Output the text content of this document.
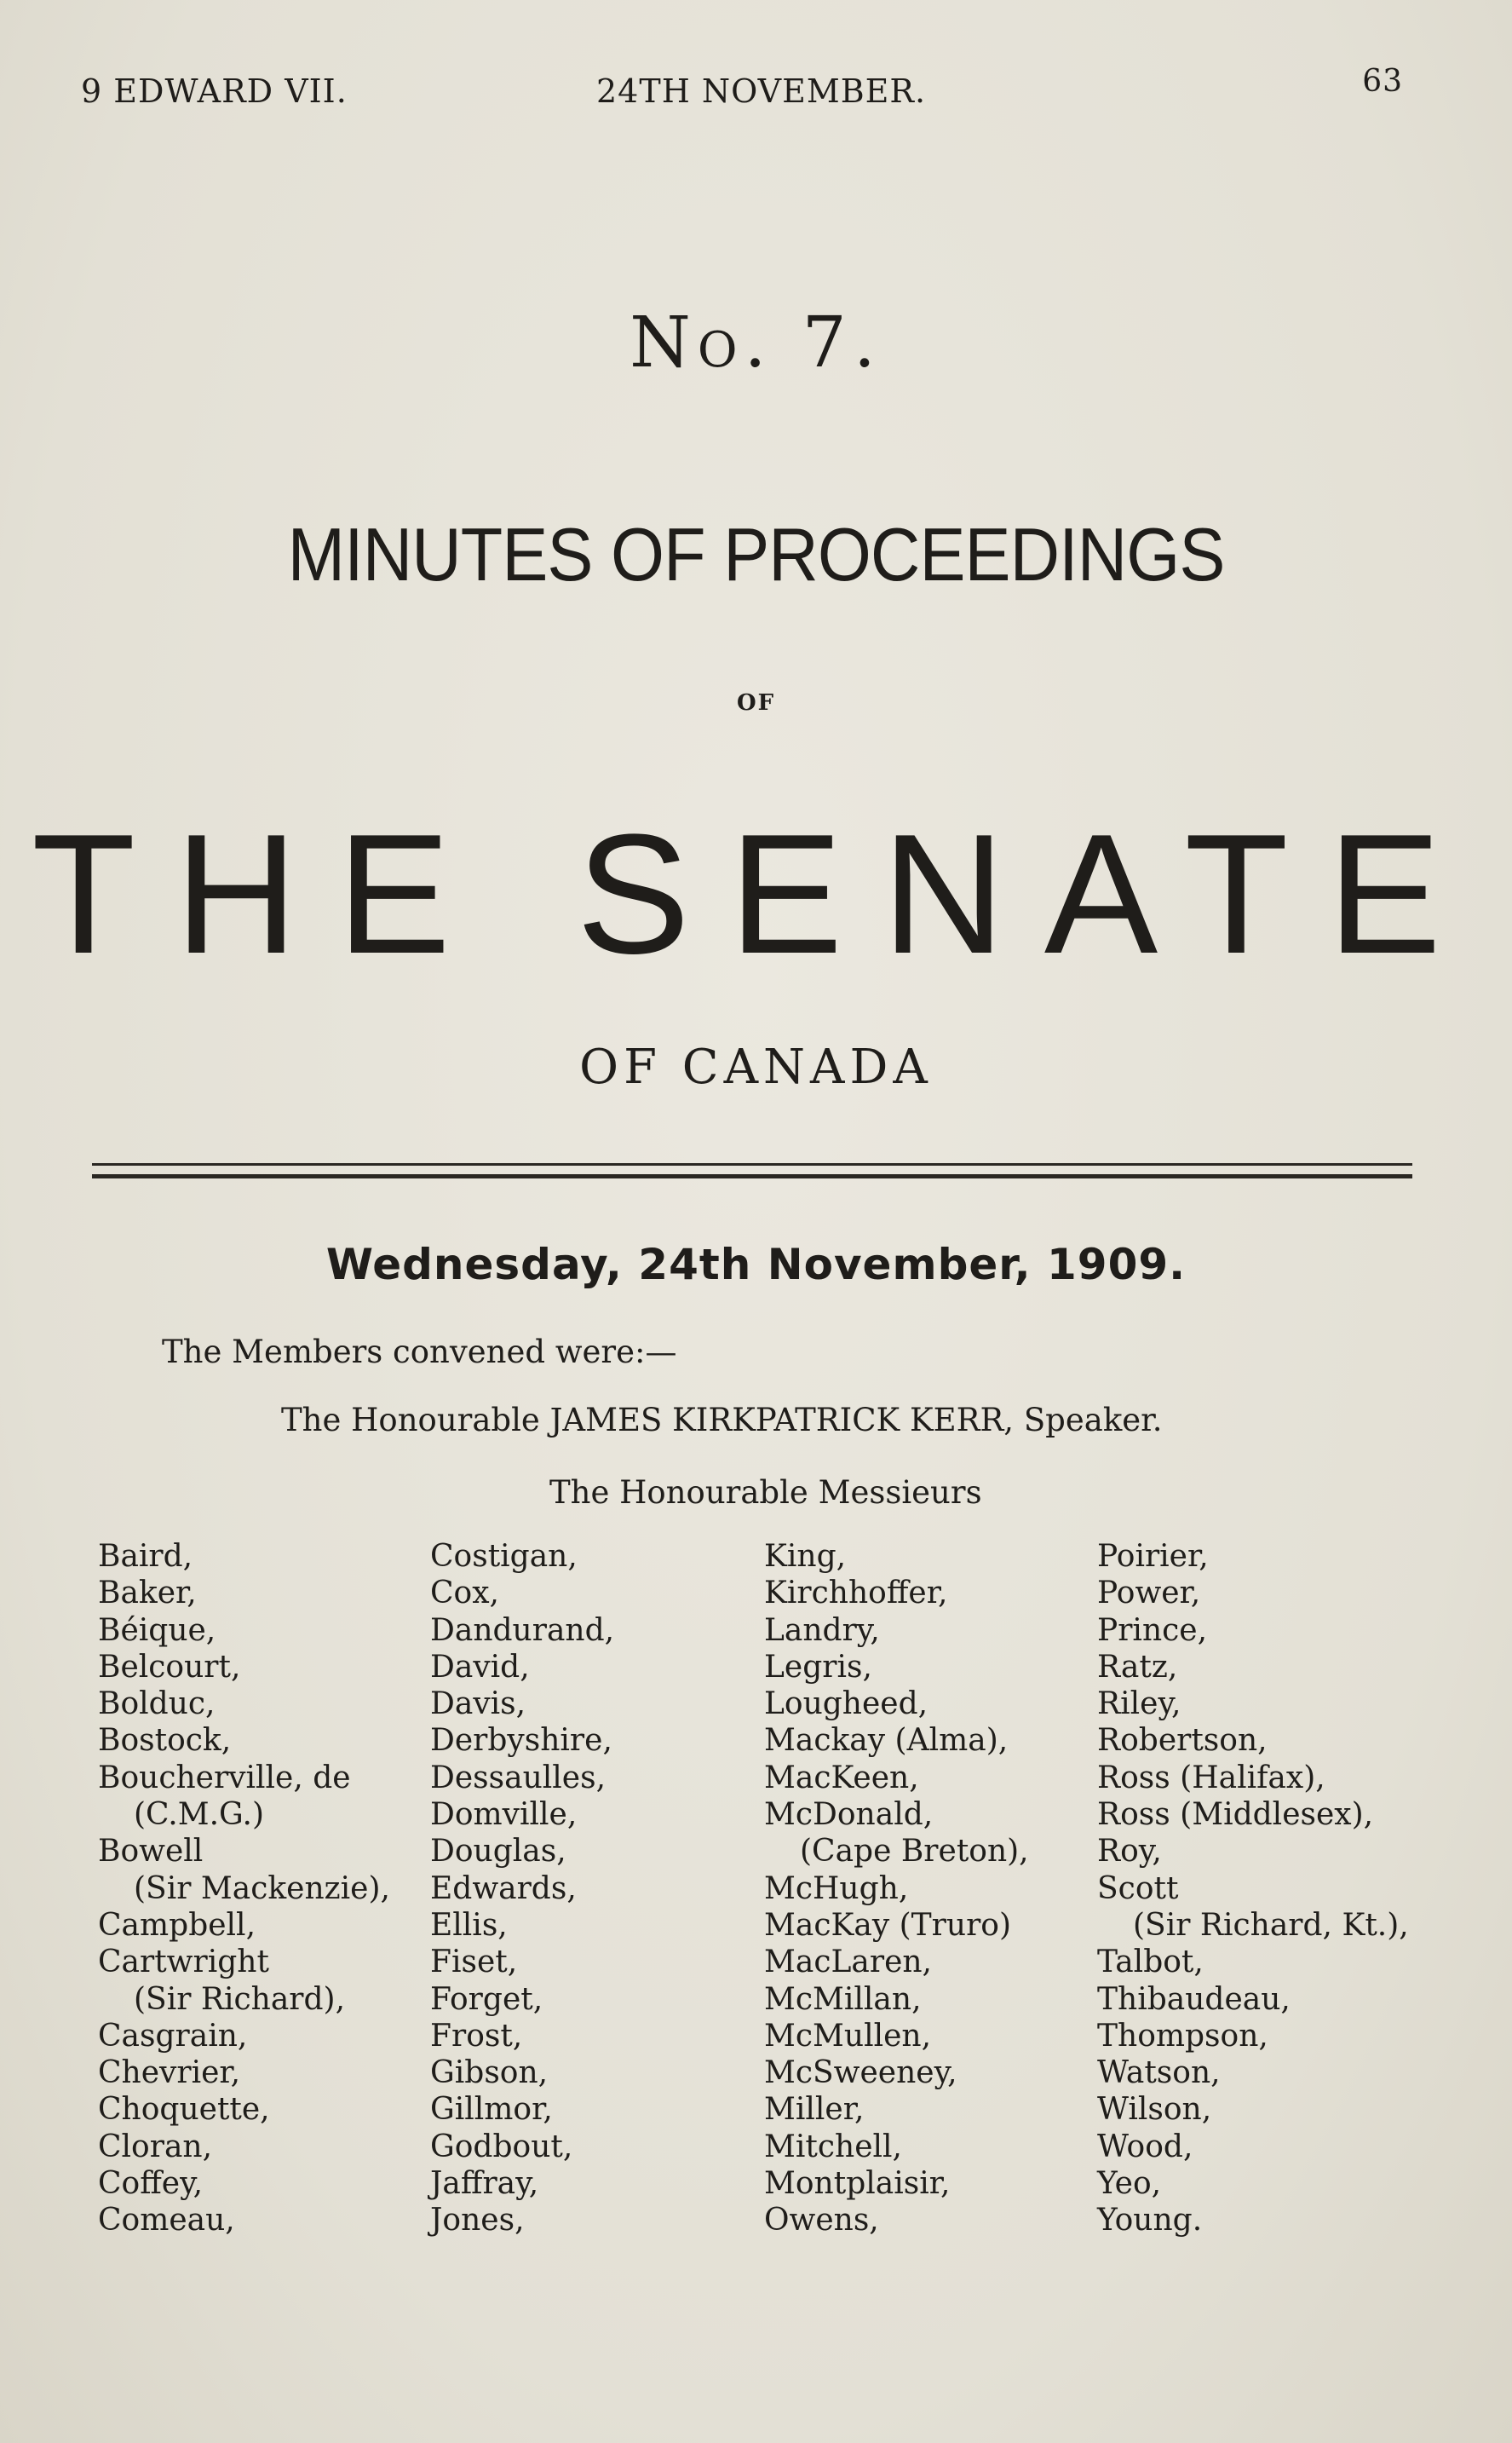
9 EDWARD VII.	24TH NOVEMBER.	63
No. 7.
MINUTES OF PROCEEDINGS
OF
THE SENATE
OF CANADA
Wednesday, 24th November, 1909.
The Members convened were:—
The Honourable JAMES KIRKPATRICK KERR, Speaker.
The Honourable Messieurs
Baird,
Baker,
Béique,
Belcourt,
Bolduc,
Bostock,
Boucherville, de
(C.M.G.)
Bowell
(Sir Mackenzie),
Campbell,
Cartwright
(Sir Richard),
Casgrain,
Chevrier,
Choquette,
Cloran,
Coffey,
Comeau,
Costigan,
Cox,
Dandurand,
David,
Davis,
Derbyshire,
Dessaulles,
Domville,
Douglas,
Edwards,
Ellis,
Fiset,
Forget,
Frost,
Gibson,
Gillmor,
Godbout,
Jaffray,
Jones,
King,
Kirchhoffer,
Landry,
Legris,
Lougheed,
Mackay (Alma),
MacKeen,
McDonald,
(Cape Breton),
McHugh,
MacKay (Truro)
MacLaren,
McMillan,
McMullen,
McSweeney,
Miller,
Mitchell,
Montplaisir,
Owens,
Poirier,
Power,
Prince,
Ratz,
Riley,
Robertson,
Ross (Halifax),
Ross (Middlesex),
Roy,
Scott
(Sir Richard, Kt.),
Talbot,
Thibaudeau,
Thompson,
Watson,
Wilson,
Wood,
Yeo,
Young.
